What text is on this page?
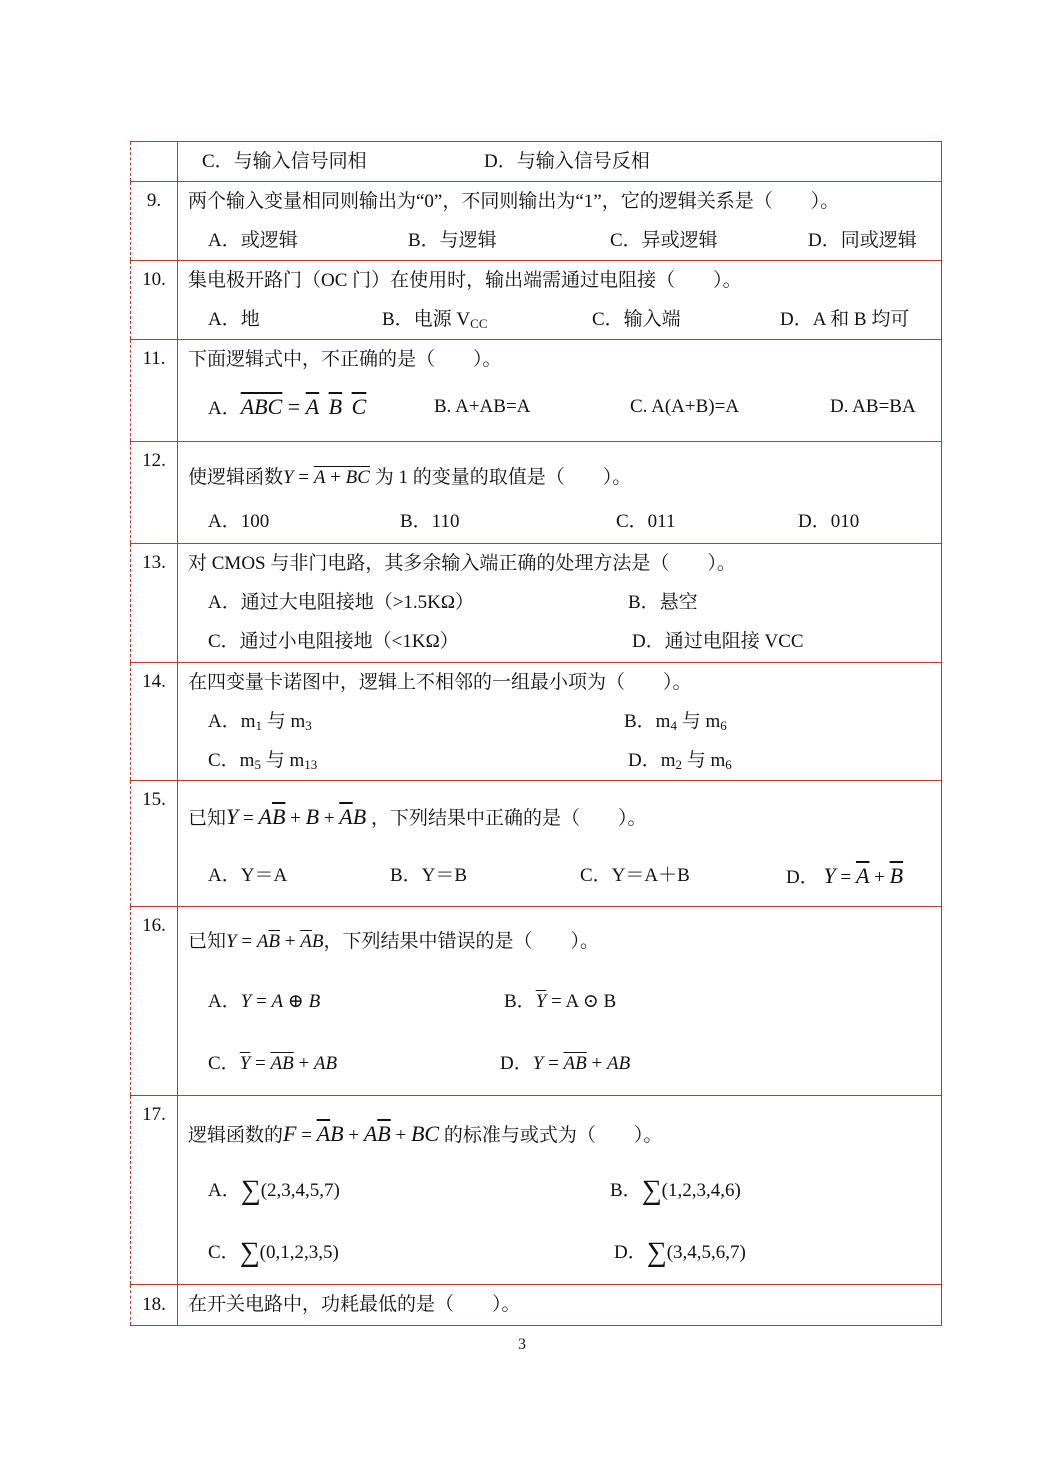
	C．与输入信号同相 D．与输入信号反相

9.	两个输入变量相同则输出为“0”，不同则输出为“1”，它的逻辑关系是（　　）。
A．或逻辑 B．与逻辑 C．异或逻辑 D．同或逻辑

10.	集电极开路门（OC 门）在使用时，输出端需通过电阻接（　　）。
A．地 B．电源 $V_{CC}$ C．输入端 D．A 和 B 均可

11.	下面逻辑式中，不正确的是（　　）。
A．$\overline{ABC} = \overline{A}$ $\overline{B}$ $\overline{C}$ B. A+AB=A C. A(A+B)=A D. AB=BA

12.	使逻辑函数Y = A + BC 为 1 的变量的取值是（　　）。
A．100 B．110 C．011 D．010

13.	对 CMOS 与非门电路，其多余输入端正确的处理方法是（　　）。
A．通过大电阻接地（>1.5KΩ） B．悬空
C．通过小电阻接地（<1KΩ） D．通过电阻接 VCC

14.	在四变量卡诺图中，逻辑上不相邻的一组最小项为（　　）。
A．$m_1$ 与 $m_3$ B．$m_4$ 与 $m_6$
C．$m_5$ 与 $m_{13}$ D．$m_2$ 与 $m_6$

15.	已知$Y = A\overline{B} + B + \overline{A}B$ ，下列结果中正确的是（　　）。
A．Y＝A B．Y＝B C．Y＝A＋B D． $Y = \overline{A} + \overline{B}$

16.	已知$Y = A\overline{B} + \overline{A}B$，下列结果中错误的是（　　）。
A．Y = A ⊕ B B．$\overline{Y} = A$ ⊙ B
C．$\overline{Y} = \overline{A}\overline{B}$ + AB D．$Y = \overline{A}\overline{B}$ + AB

17.	逻辑函数的$F = \overline{A}B + A\overline{B}$ + BC 的标准与或式为（　　）。
A．∑(2,3,4,5,7) B．∑(1,2,3,4,6)
C．∑(0,1,2,3,5) D．∑(3,4,5,6,7)

18.	在开关电路中，功耗最低的是（　　）。
3
